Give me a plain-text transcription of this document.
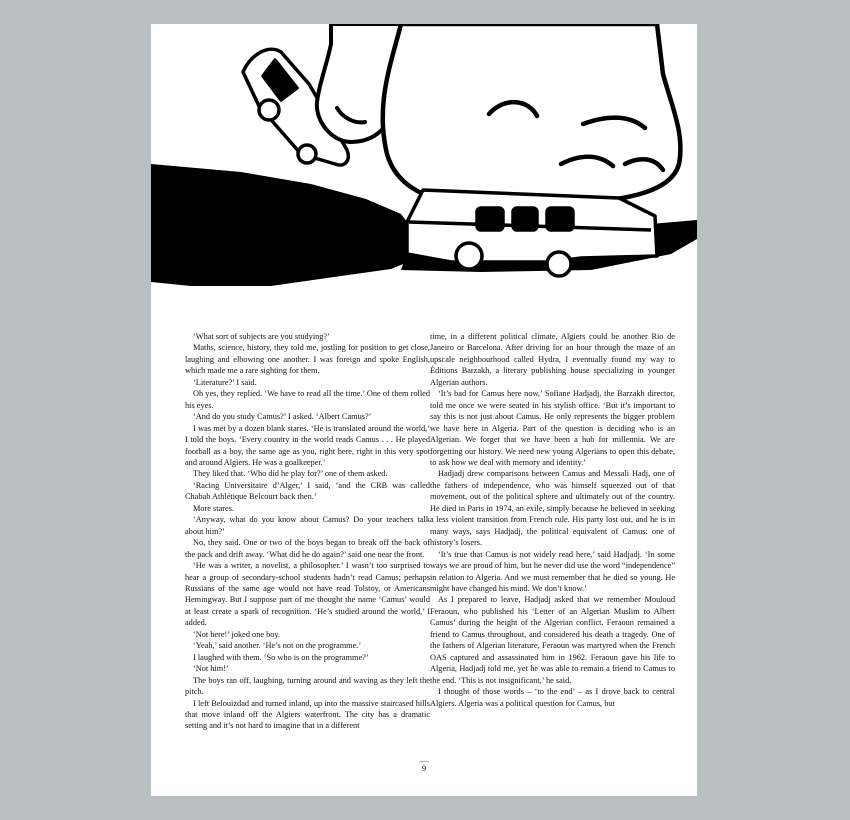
‘What sort of subjects are you studying?’

Maths, science, history, they told me, jostling for position to get close, laughing and elbowing one another. I was foreign and spoke English, which made me a rare sighting for them.

‘Literature?’ I said.

Oh yes, they replied. ‘We have to read all the time.’ One of them rolled his eyes.

‘And do you study Camus?’ I asked. ‘Albert Camus?’

I was met by a dozen blank stares. ‘He is translated around the world,’ I told the boys. ‘Every country in the world reads Camus . . . He played football as a boy, the same age as you, right here, right in this very spot and around Algiers. He was a goalkeeper.’

They liked that. ‘Who did he play for?’ one of them asked.

‘Racing Universitaire d’Alger,’ I said, ‘and the CRB was called Chabab Athlétique Belcourt back then.’

More stares.

‘Anyway, what do you know about Camus? Do your teachers talk about him?’

No, they said. One or two of the boys began to break off the back of the pack and drift away. ‘What did he do again?’ said one near the front.

‘He was a writer, a novelist, a philosopher.’ I wasn’t too surprised to hear a group of secondary-school students hadn’t read Camus; perhaps Russians of the same age would not have read Tolstoy, or Americans Hemingway. But I suppose part of me thought the name ‘Camus’ would at least create a spark of recognition. ‘He’s studied around the world,’ I added.

‘Not here!’ joked one boy.

‘Yeah,’ said another. ‘He’s not on the programme.’

I laughed with them. ‘So who is on the programme?’

‘Not him!’

The boys ran off, laughing, turning around and waving as they left the pitch.

I left Belouizdad and turned inland, up into the massive staircased hills that move inland off the Algiers waterfront. The city has a dramatic setting and it’s not hard to imagine that in a different

time, in a different political climate, Algiers could be another Rio de Janeiro or Barcelona. After driving for an hour through the maze of an upscale neighbourhood called Hydra, I eventually found my way to Éditions Barzakh, a literary publishing house specializing in younger Algerian authors.

‘It’s bad for Camus here now,’ Sofiane Hadjadj, the Barzakh director, told me once we were seated in his stylish office. ‘But it’s important to say this is not just about Camus. He only represents the bigger problem we have here in Algeria. Part of the question is deciding who is an Algerian. We forget that we have been a hub for millennia. We are forgetting our history. We need new young Algerians to open this debate, to ask how we deal with memory and identity.’

Hadjadj drew comparisons between Camus and Messali Hadj, one of the fathers of independence, who was himself squeezed out of that movement, out of the political sphere and ultimately out of the country. He died in Paris in 1974, an exile, simply because he believed in seeking a less violent transition from French rule. His party lost out, and he is in many ways, says Hadjadj, the political equivalent of Camus: one of history’s losers.

‘It’s true that Camus is not widely read here,’ said Hadjadj. ‘In some ways we are proud of him, but he never did use the word “independence” in relation to Algeria. And we must remember that he died so young. He might have changed his mind. We don’t know.’

As I prepared to leave, Hadjadj asked that we remember Mouloud Feraoun, who published his ‘Letter of an Algerian Muslim to Albert Camus’ during the height of the Algerian conflict. Feraoun remained a friend to Camus throughout, and considered his death a tragedy. One of the fathers of Algerian literature, Feraoun was martyred when the French OAS captured and assassinated him in 1962. Feraoun gave his life to Algeria, Hadjadj told me, yet he was able to remain a friend to Camus to the end. ‘This is not insignificant,’ he said.

I thought of those words – ‘to the end’ – as I drove back to central Algiers. Algeria was a political question for Camus, but

9
